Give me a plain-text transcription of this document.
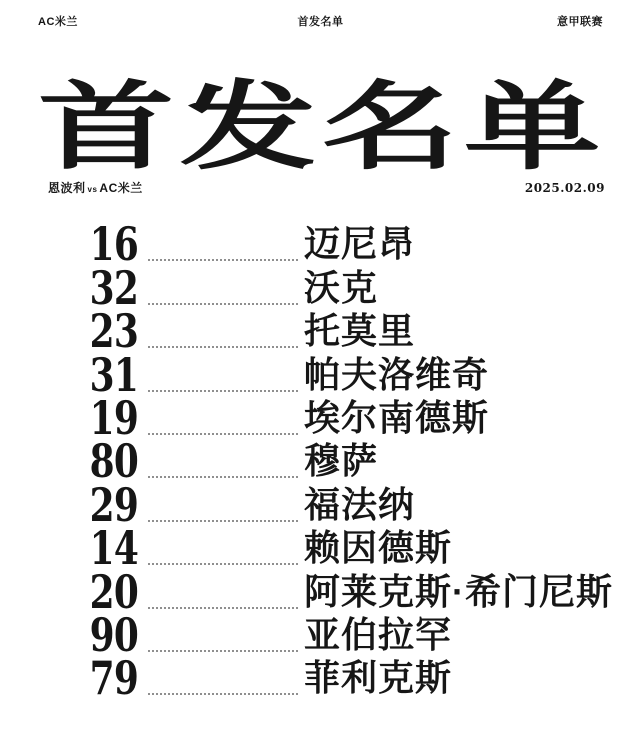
AC米兰	首发名单	意甲联赛
首发名单
恩波利 vs AC米兰	2025.02.09
16	迈尼昂
32	沃克
23	托莫里
31	帕夫洛维奇
19	埃尔南德斯
80	穆萨
29	福法纳
14	赖因德斯
20	阿莱克斯·希门尼斯
90	亚伯拉罕
79	菲利克斯
